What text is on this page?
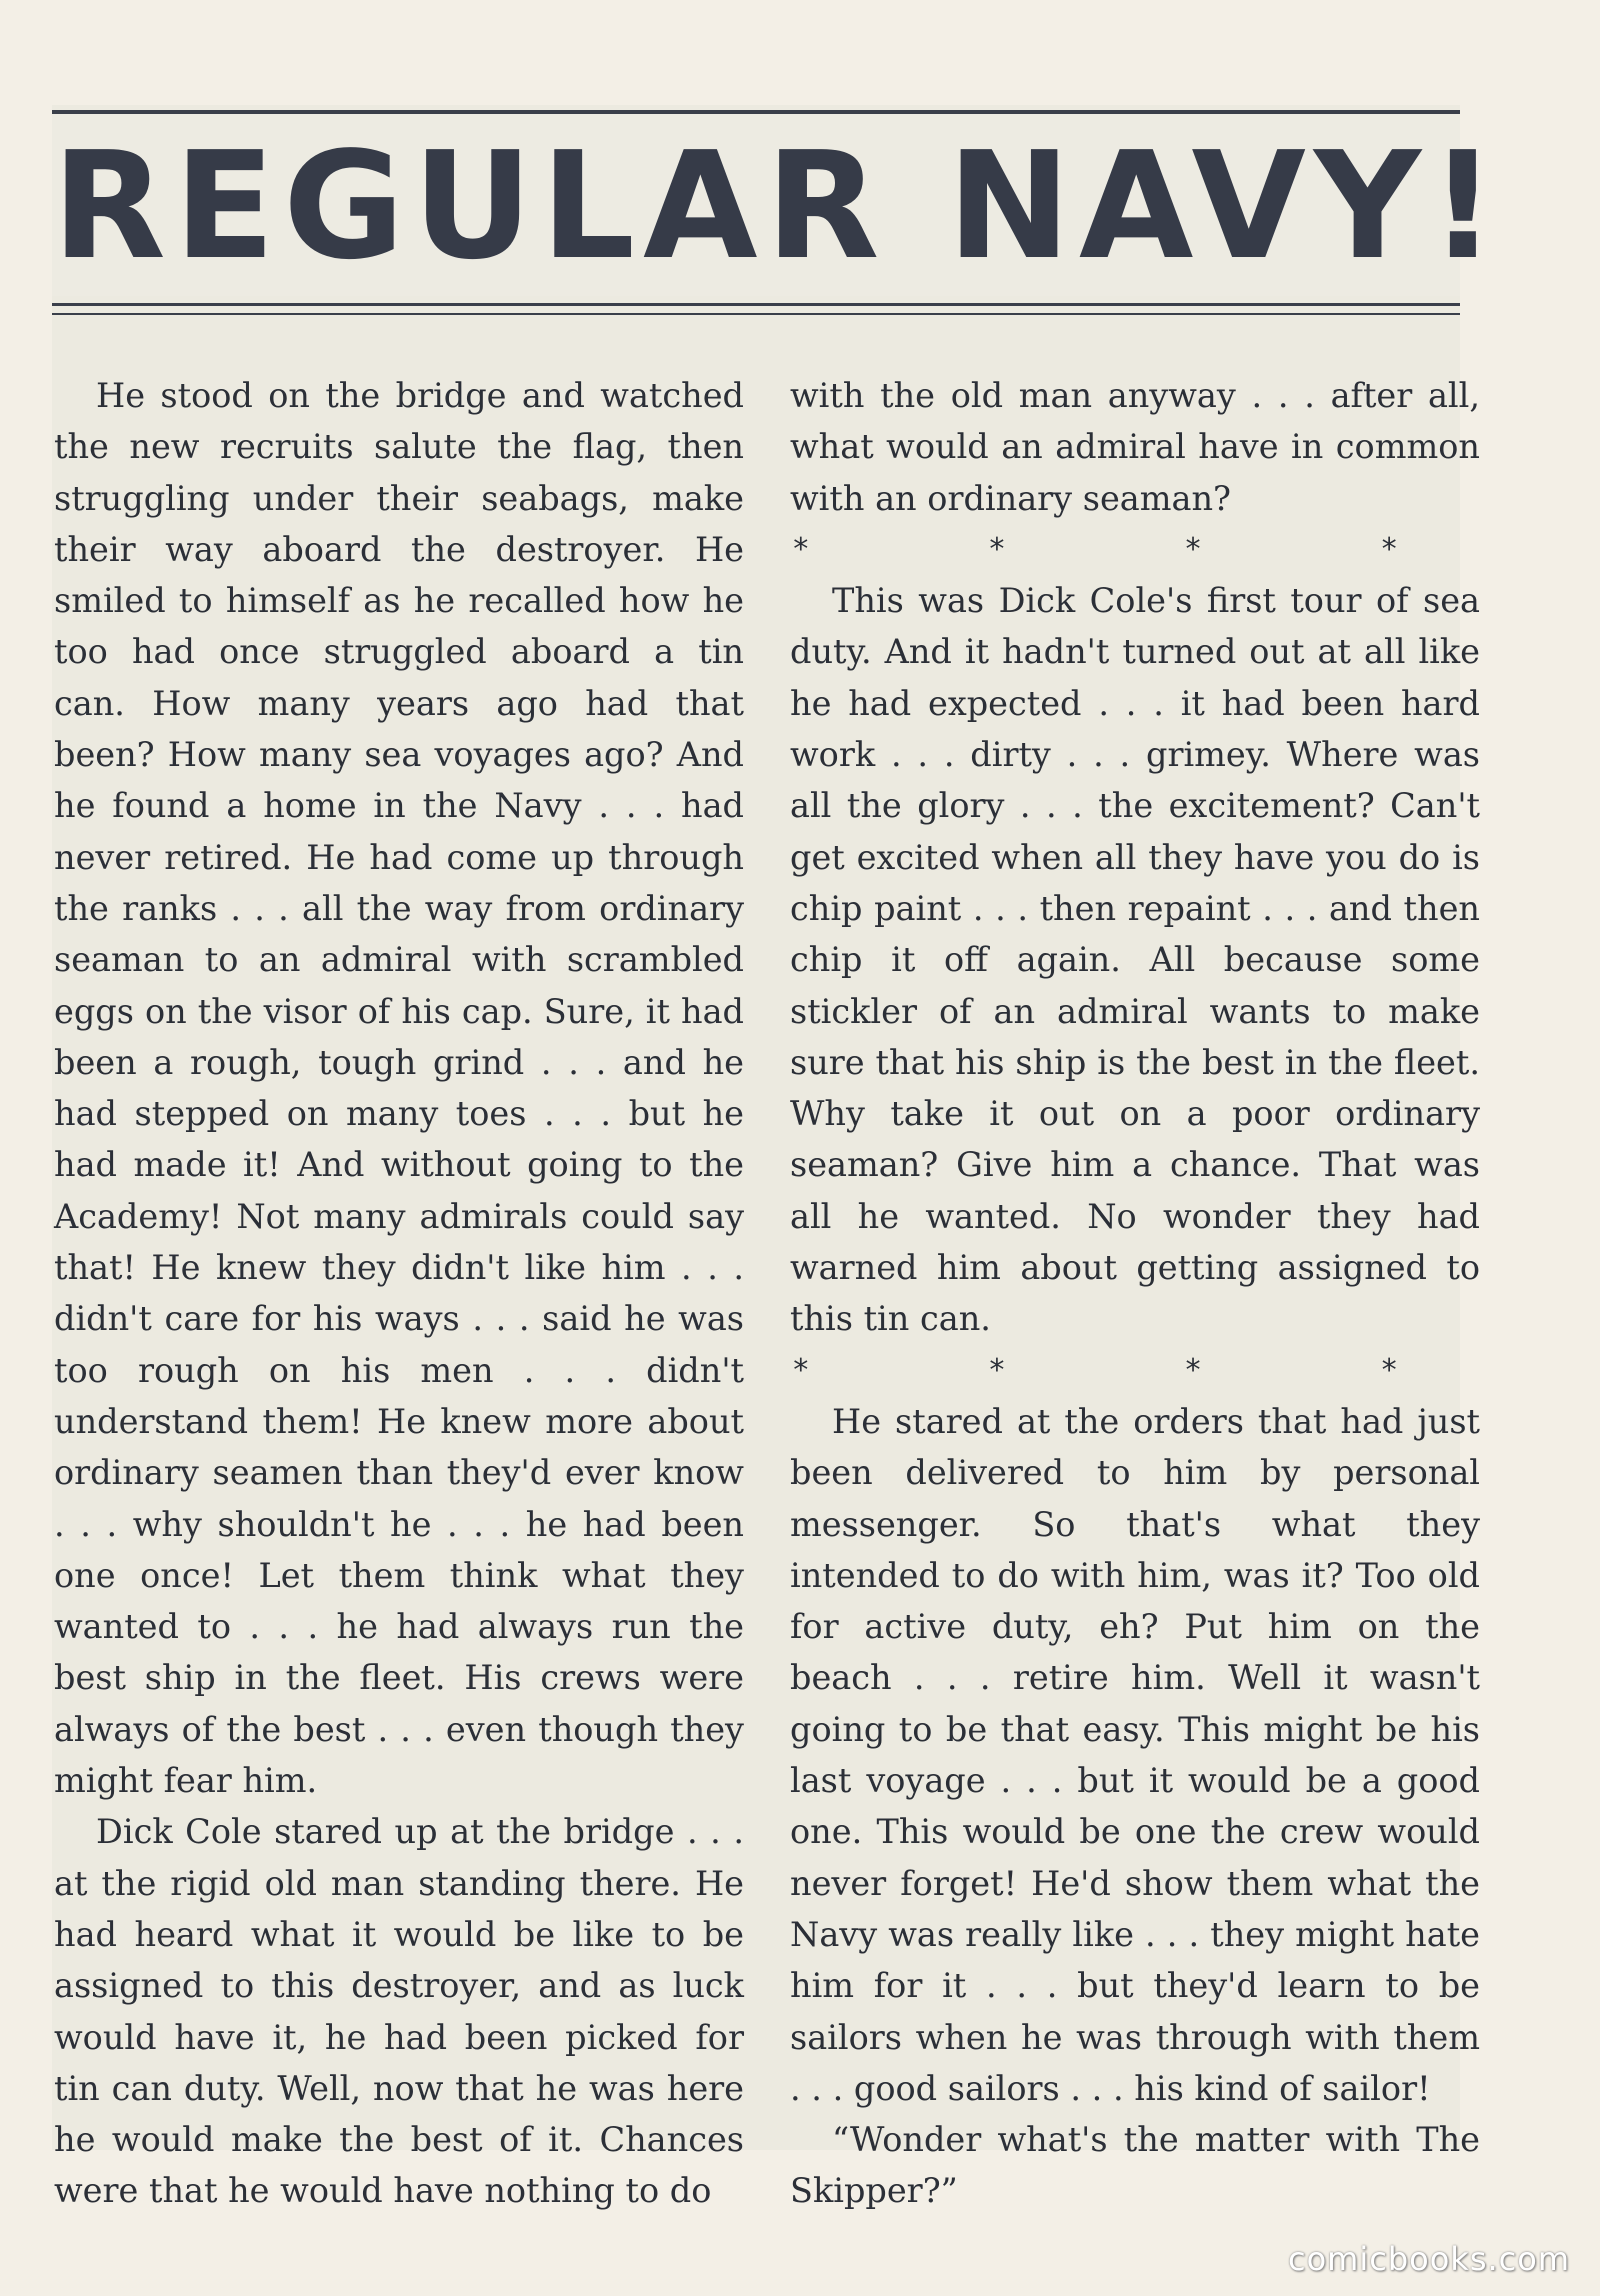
REGULAR NAVY!

He stood on the bridge and watched the new recruits salute the flag, then struggling under their seabags, make their way aboard the destroyer. He smiled to himself as he recalled how he too had once struggled aboard a tin can. How many years ago had that been? How many sea voyages ago? And he found a home in the Navy . . . had never retired. He had come up through the ranks . . . all the way from ordinary seaman to an admiral with scrambled eggs on the visor of his cap. Sure, it had been a rough, tough grind . . . and he had stepped on many toes . . . but he had made it! And without going to the Academy! Not many admirals could say that! He knew they didn't like him . . . didn't care for his ways . . . said he was too rough on his men . . . didn't understand them! He knew more about ordinary seamen than they'd ever know . . . why shouldn't he . . . he had been one once! Let them think what they wanted to . . . he had always run the best ship in the fleet. His crews were always of the best . . . even though they might fear him.

Dick Cole stared up at the bridge . . . at the rigid old man standing there. He had heard what it would be like to be assigned to this destroyer, and as luck would have it, he had been picked for tin can duty. Well, now that he was here he would make the best of it. Chances were that he would have nothing to do

with the old man anyway . . . after all, what would an admiral have in common with an ordinary seaman?

* * * *

This was Dick Cole's first tour of sea duty. And it hadn't turned out at all like he had expected . . . it had been hard work . . . dirty . . . grimey. Where was all the glory . . . the excitement? Can't get excited when all they have you do is chip paint . . . then repaint . . . and then chip it off again. All because some stickler of an admiral wants to make sure that his ship is the best in the fleet. Why take it out on a poor ordinary seaman? Give him a chance. That was all he wanted. No wonder they had warned him about getting assigned to this tin can.

* * * *

He stared at the orders that had just been delivered to him by personal messenger. So that's what they intended to do with him, was it? Too old for active duty, eh? Put him on the beach . . . retire him. Well it wasn't going to be that easy. This might be his last voyage . . . but it would be a good one. This would be one the crew would never forget! He'd show them what the Navy was really like . . . they might hate him for it . . . but they'd learn to be sailors when he was through with them . . . good sailors . . . his kind of sailor!

“Wonder what's the matter with The Skipper?”

comicbooks.com
